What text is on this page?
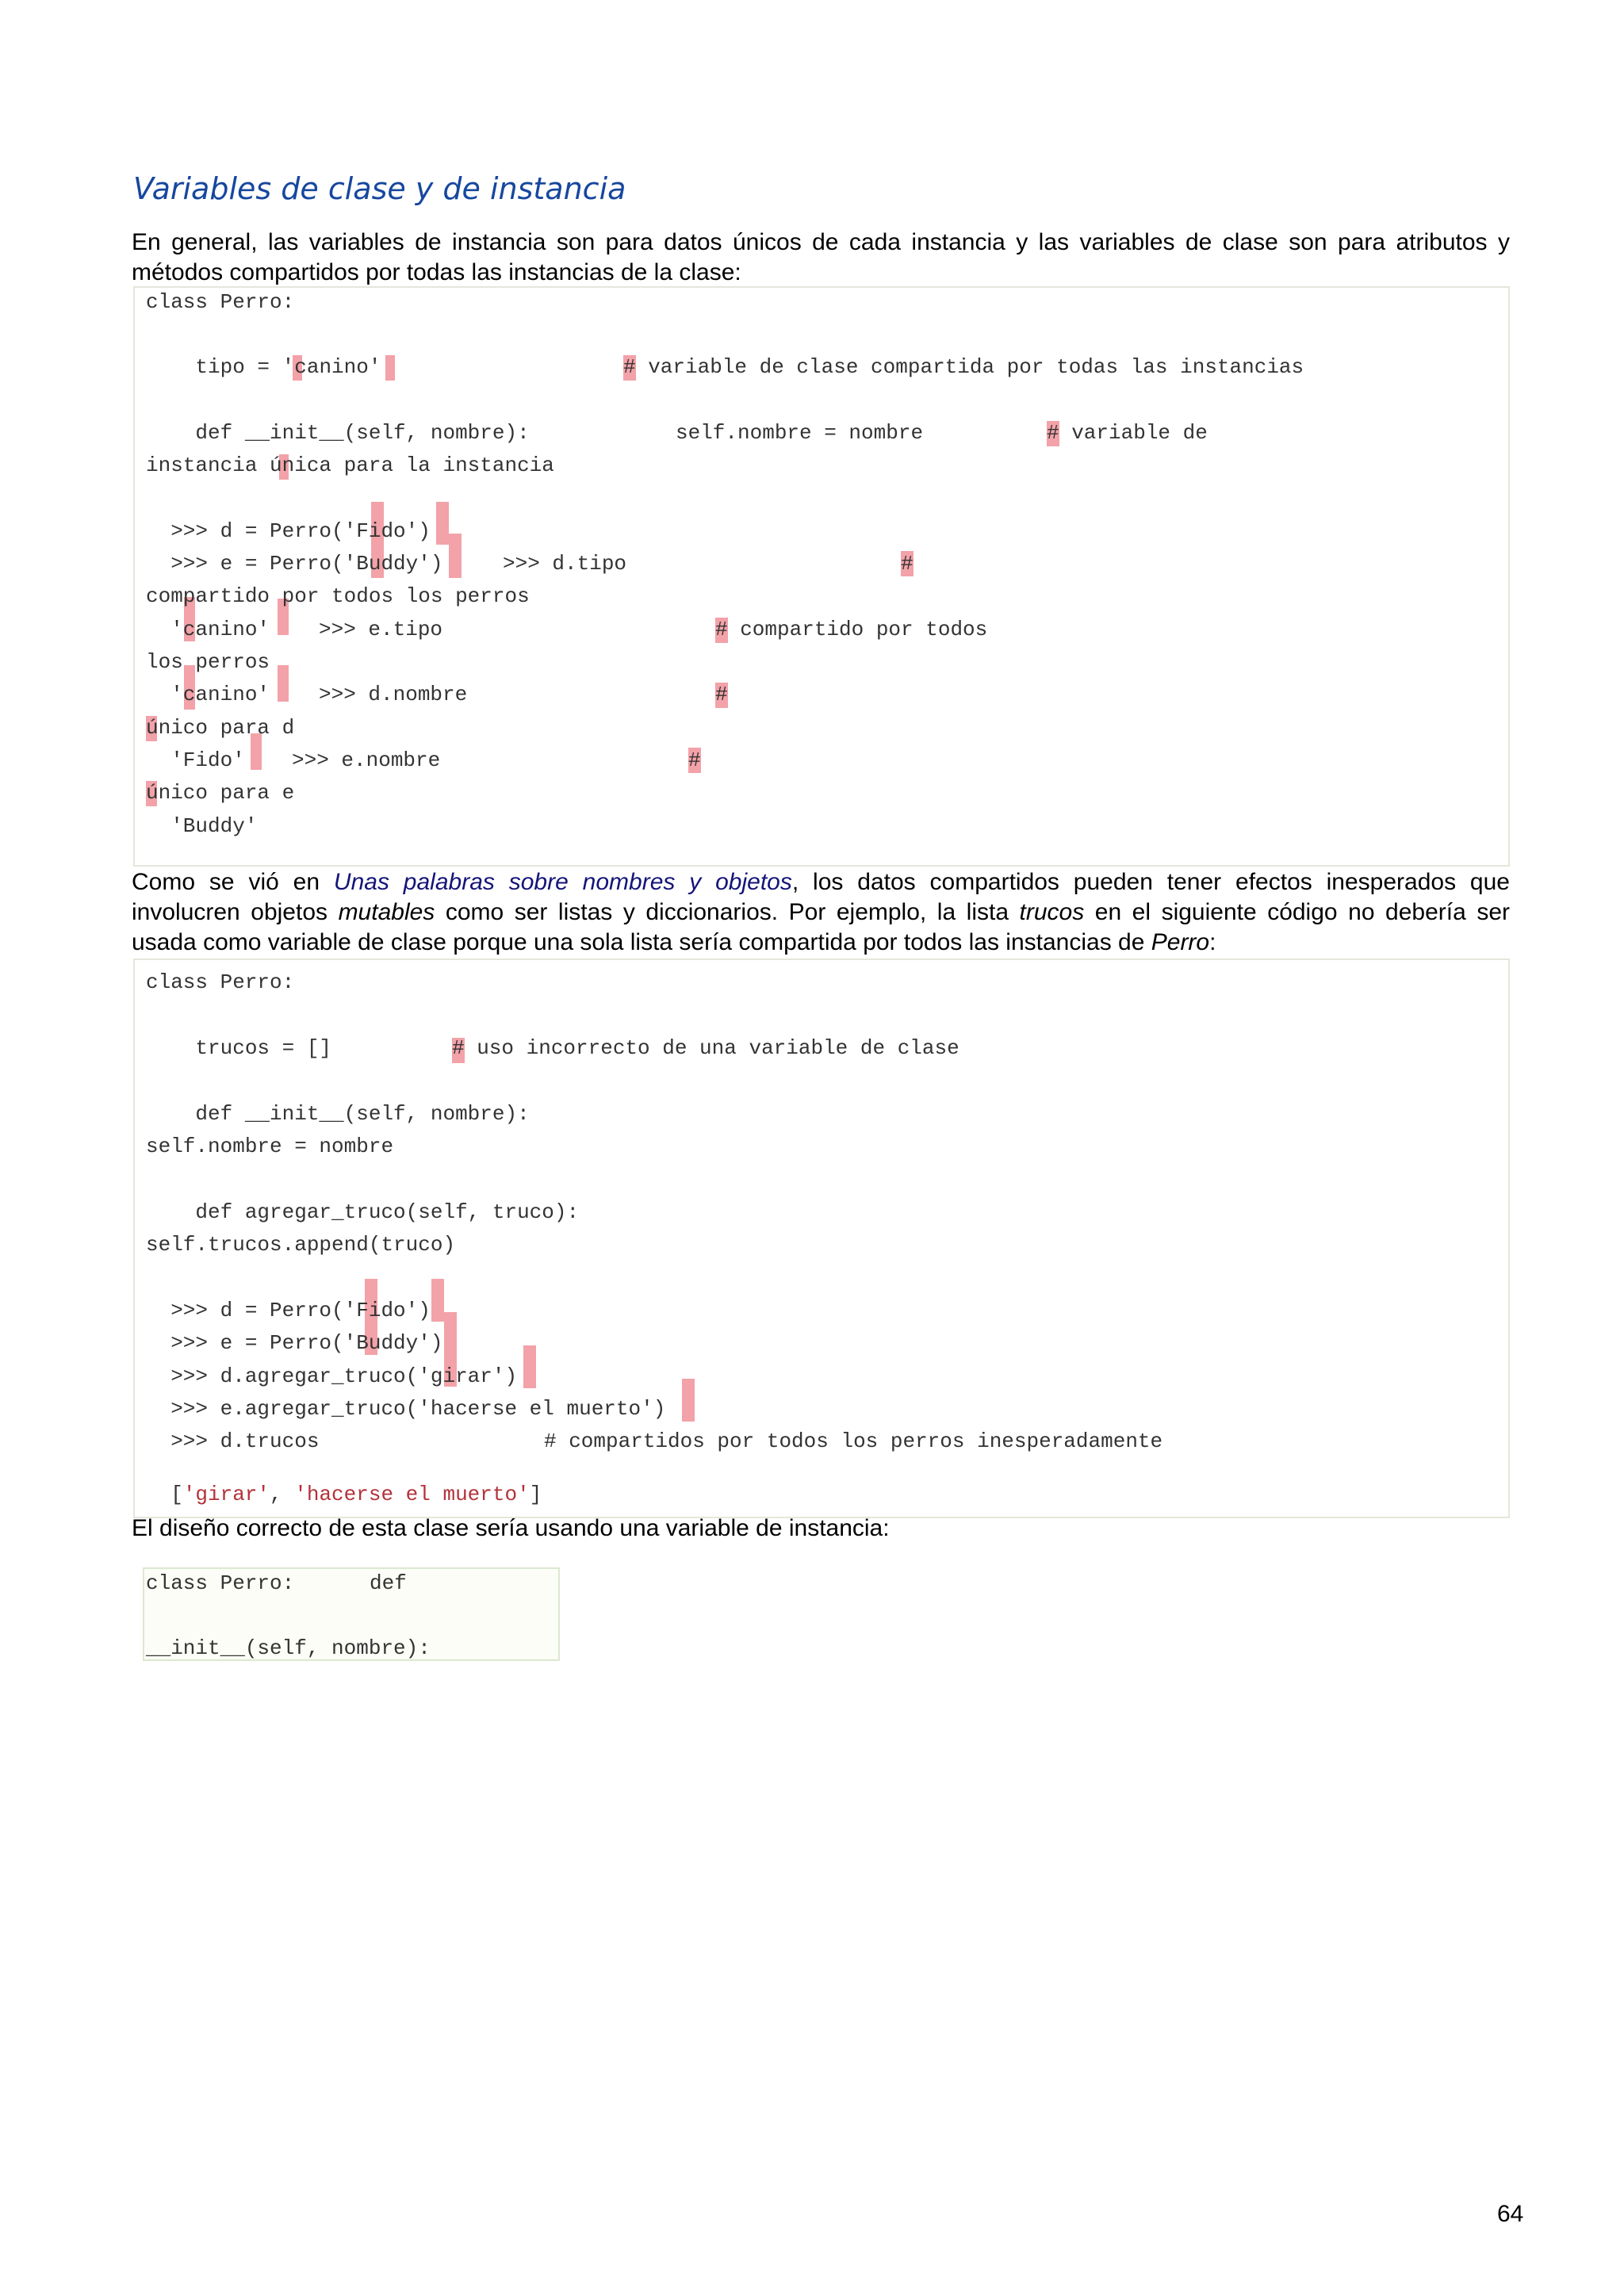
Variables de clase y de instancia
En general, las variables de instancia son para datos únicos de cada instancia y las variables de clase son para atributos y
métodos compartidos por todas las instancias de la clase:
class Perro:
tipo = 'canino'	# variable de clase compartida por todas las instancias
def __init__(self, nombre):	self.nombre = nombre	# variable de
instancia única para la instancia
>>> d = Perro('Fido')
>>> e = Perro('Buddy')	>>> d.tipo	#
compartido por todos los perros
'canino' >>> e.tipo	# compartido por todos
los perros
'canino' >>> d.nombre	#
único para d
'Fido' >>> e.nombre	#
único para e
'Buddy'
Como se vió en Unas palabras sobre nombres y objetos, los datos compartidos pueden tener efectos inesperados que
involucren objetos mutables como ser listas y diccionarios. Por ejemplo, la lista trucos en el siguiente código no debería ser
usada como variable de clase porque una sola lista sería compartida por todos las instancias de Perro:
class Perro:
trucos = []	# uso incorrecto de una variable de clase
def __init__(self, nombre):
self.nombre = nombre
def agregar_truco(self, truco):
self.trucos.append(truco)
>>> d = Perro('Fido')
>>> e = Perro('Buddy')
>>> d.agregar_truco('girar')
>>> e.agregar_truco('hacerse el muerto')
>>> d.trucos	# compartidos por todos los perros inesperadamente
['girar', 'hacerse el muerto']
El diseño correcto de esta clase sería usando una variable de instancia:
class Perro:	def
__init__(self, nombre):
64
